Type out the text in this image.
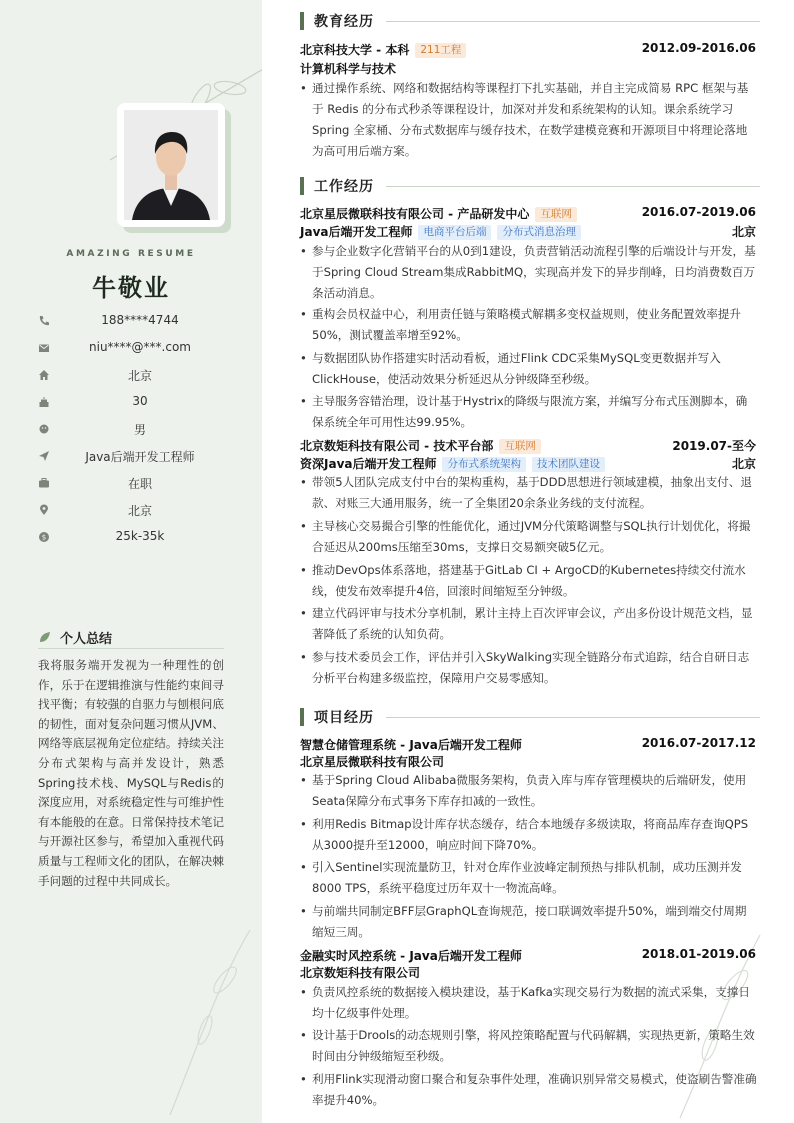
AMAZING RESUME
牛敬业
188****4744
niu****@***.com
北京
30
男
Java后端开发工程师
在职
北京
$	25k-35k
个人总结
我将服务端开发视为一种理性的创作，乐于在逻辑推演与性能约束间寻找平衡；有较强的自驱力与刨根问底的韧性，面对复杂问题习惯从JVM、网络等底层视角定位症结。持续关注分布式架构与高并发设计，熟悉Spring技术栈、MySQL与Redis的深度应用，对系统稳定性与可维护性有本能般的在意。日常保持技术笔记与开源社区参与，希望加入重视代码质量与工程师文化的团队，在解决棘手问题的过程中共同成长。
教育经历
北京科技大学 - 本科 211工程	2012.09-2016.06
计算机科学与技术
• 通过操作系统、网络和数据结构等课程打下扎实基础，并自主完成简易 RPC 框架与基于 Redis 的分布式秒杀等课程设计，加深对并发和系统架构的认知。课余系统学习 Spring 全家桶、分布式数据库与缓存技术，在数学建模竞赛和开源项目中将理论落地为高可用后端方案。
工作经历
北京星辰微联科技有限公司 - 产品研发中心 互联网	2016.07-2019.06
Java后端开发工程师 电商平台后端 分布式消息治理	北京
• 参与企业数字化营销平台的从0到1建设，负责营销活动流程引擎的后端设计与开发，基于Spring Cloud Stream集成RabbitMQ，实现高并发下的异步削峰，日均消费数百万条活动消息。
• 重构会员权益中心，利用责任链与策略模式解耦多变权益规则，使业务配置效率提升50%，测试覆盖率增至92%。
• 与数据团队协作搭建实时活动看板，通过Flink CDC采集MySQL变更数据并写入ClickHouse，使活动效果分析延迟从分钟级降至秒级。
• 主导服务容错治理，设计基于Hystrix的降级与限流方案，并编写分布式压测脚本，确保系统全年可用性达99.95%。
北京数矩科技有限公司 - 技术平台部 互联网	2019.07-至今
资深Java后端开发工程师 分布式系统架构 技术团队建设	北京
• 带领5人团队完成支付中台的架构重构，基于DDD思想进行领域建模，抽象出支付、退款、对账三大通用服务，统一了全集团20余条业务线的支付流程。
• 主导核心交易撮合引擎的性能优化，通过JVM分代策略调整与SQL执行计划优化，将撮合延迟从200ms压缩至30ms，支撑日交易额突破5亿元。
• 推动DevOps体系落地，搭建基于GitLab CI + ArgoCD的Kubernetes持续交付流水线，使发布效率提升4倍，回滚时间缩短至分钟级。
• 建立代码评审与技术分享机制，累计主持上百次评审会议，产出多份设计规范文档，显著降低了系统的认知负荷。
• 参与技术委员会工作，评估并引入SkyWalking实现全链路分布式追踪，结合自研日志分析平台构建多级监控，保障用户交易零感知。
项目经历
智慧仓储管理系统 - Java后端开发工程师	2016.07-2017.12
北京星辰微联科技有限公司
• 基于Spring Cloud Alibaba微服务架构，负责入库与库存管理模块的后端研发，使用Seata保障分布式事务下库存扣减的一致性。
• 利用Redis Bitmap设计库存状态缓存，结合本地缓存多级读取，将商品库存查询QPS从3000提升至12000，响应时间下降70%。
• 引入Sentinel实现流量防卫，针对仓库作业波峰定制预热与排队机制，成功压测并发8000 TPS，系统平稳度过历年双十一物流高峰。
• 与前端共同制定BFF层GraphQL查询规范，接口联调效率提升50%，端到端交付周期缩短三周。
金融实时风控系统 - Java后端开发工程师	2018.01-2019.06
北京数矩科技有限公司
• 负责风控系统的数据接入模块建设，基于Kafka实现交易行为数据的流式采集，支撑日均十亿级事件处理。
• 设计基于Drools的动态规则引擎，将风控策略配置与代码解耦，实现热更新，策略生效时间由分钟级缩短至秒级。
• 利用Flink实现滑动窗口聚合和复杂事件处理，准确识别异常交易模式，使盗刷告警准确率提升40%。
